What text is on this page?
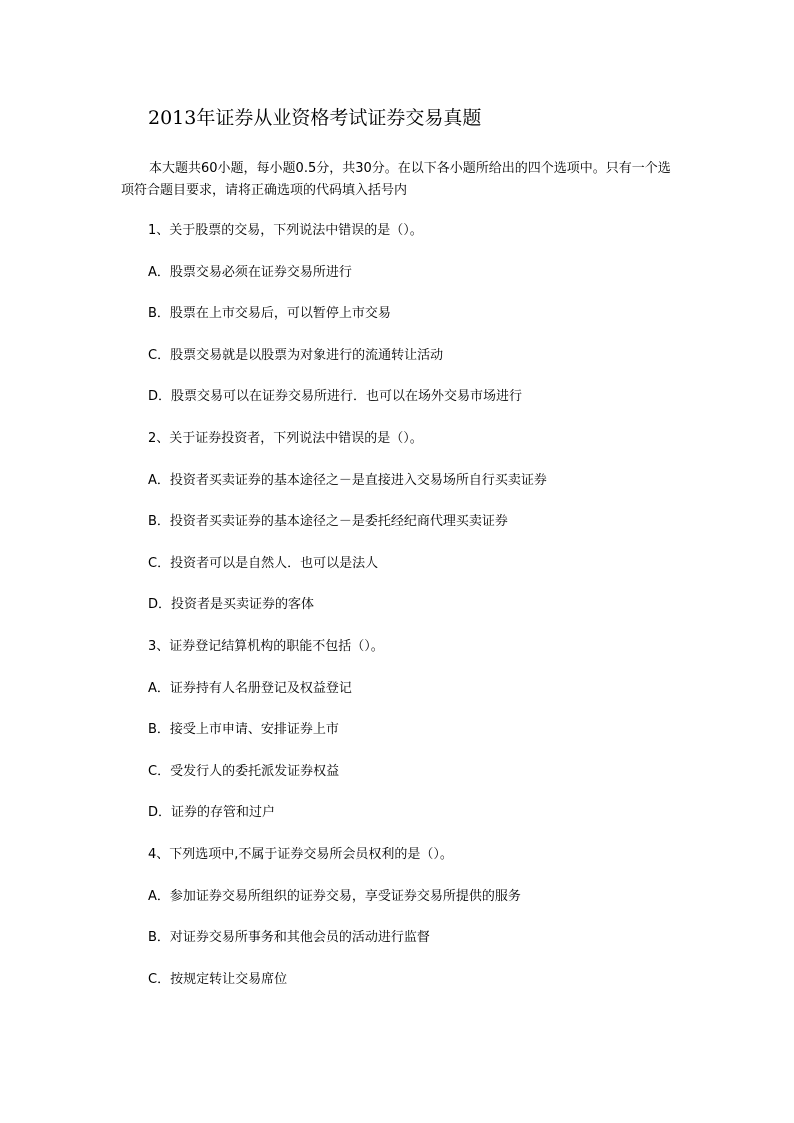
2013年证券从业资格考试证券交易真题

本大题共60小题，每小题0.5分，共30分。在以下各小题所给出的四个选项中。只有一个选项符合题目要求，请将正确选项的代码填入括号内

1、关于股票的交易，下列说法中错误的是（）。
A．股票交易必须在证券交易所进行
B．股票在上市交易后，可以暂停上市交易
C．股票交易就是以股票为对象进行的流通转让活动
D．股票交易可以在证券交易所进行．也可以在场外交易市场进行
2、关于证券投资者，下列说法中错误的是（）。
A．投资者买卖证券的基本途径之－是直接进入交易场所自行买卖证券
B．投资者买卖证券的基本途径之－是委托经纪商代理买卖证券
C．投资者可以是自然人．也可以是法人
D．投资者是买卖证券的客体
3、证券登记结算机构的职能不包括（）。
A．证券持有人名册登记及权益登记
B．接受上市申请、安排证券上市
C．受发行人的委托派发证券权益
D．证券的存管和过户
4、下列选项中,不属于证券交易所会员权利的是（）。
A．参加证券交易所组织的证券交易，享受证券交易所提供的服务
B．对证券交易所事务和其他会员的活动进行监督
C．按规定转让交易席位
